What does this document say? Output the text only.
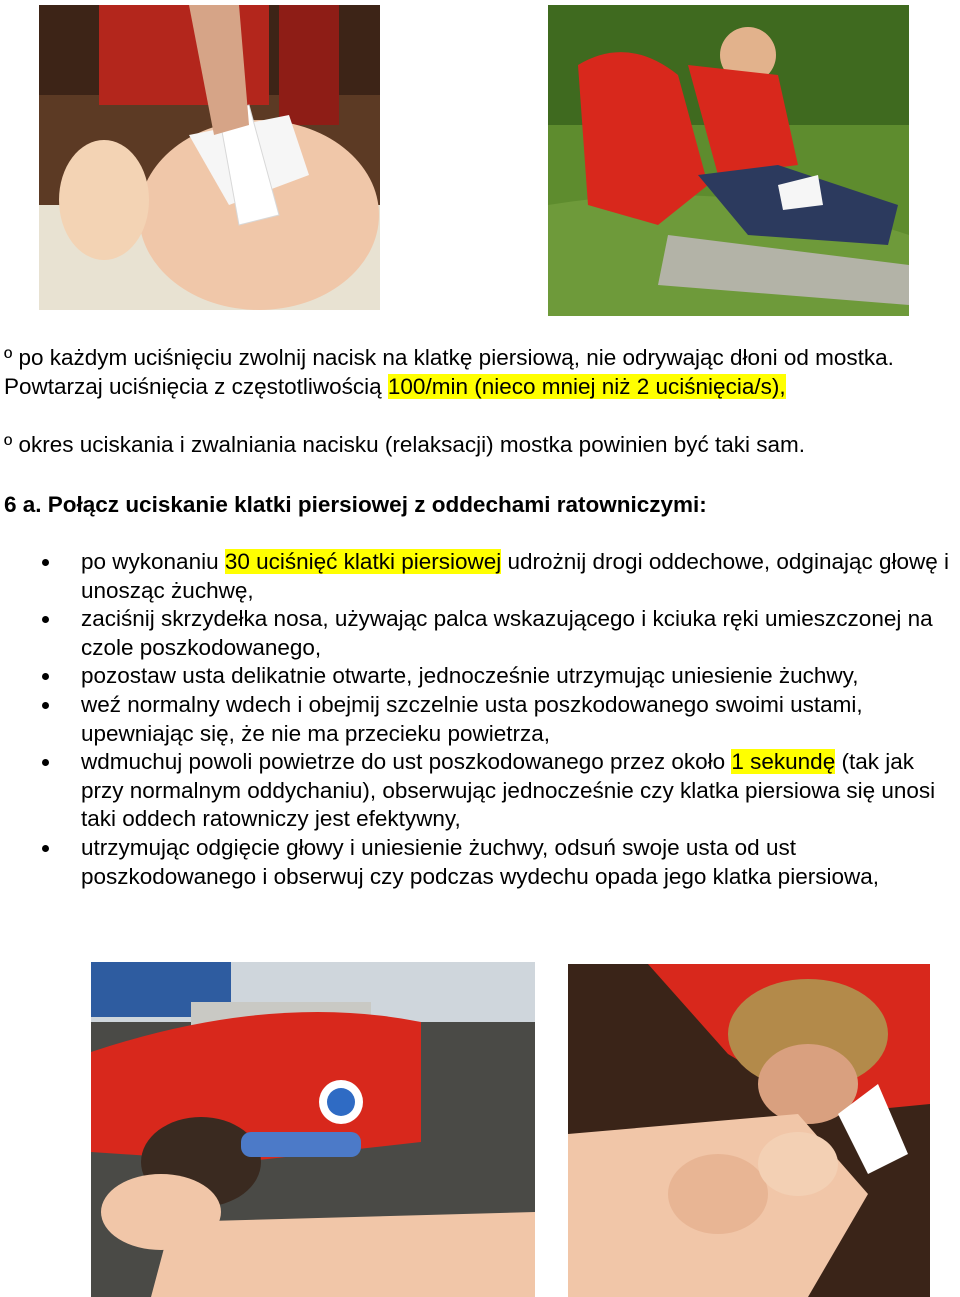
º po każdym uciśnięciu zwolnij nacisk na klatkę piersiową, nie odrywając dłoni od mostka. Powtarzaj uciśnięcia z częstotliwością 100/min (nieco mniej niż 2 uciśnięcia/s),
º okres uciskania i zwalniania nacisku (relaksacji) mostka powinien być taki sam.
6 a. Połącz uciskanie klatki piersiowej z oddechami ratowniczymi:
po wykonaniu 30 uciśnięć klatki piersiowej udrożnij drogi oddechowe, odginając głowę i unosząc żuchwę,
zaciśnij skrzydełka nosa, używając palca wskazującego i kciuka ręki umieszczonej na czole poszkodowanego,
pozostaw usta delikatnie otwarte, jednocześnie utrzymując uniesienie żuchwy,
weź normalny wdech i obejmij szczelnie usta poszkodowanego swoimi ustami, upewniając się, że nie ma przecieku powietrza,
wdmuchuj powoli powietrze do ust poszkodowanego przez około 1 sekundę (tak jak przy normalnym oddychaniu), obserwując jednocześnie czy klatka piersiowa się unosi taki oddech ratowniczy jest efektywny,
utrzymując odgięcie głowy i uniesienie żuchwy, odsuń swoje usta od ust poszkodowanego i obserwuj czy podczas wydechu opada jego klatka piersiowa,
